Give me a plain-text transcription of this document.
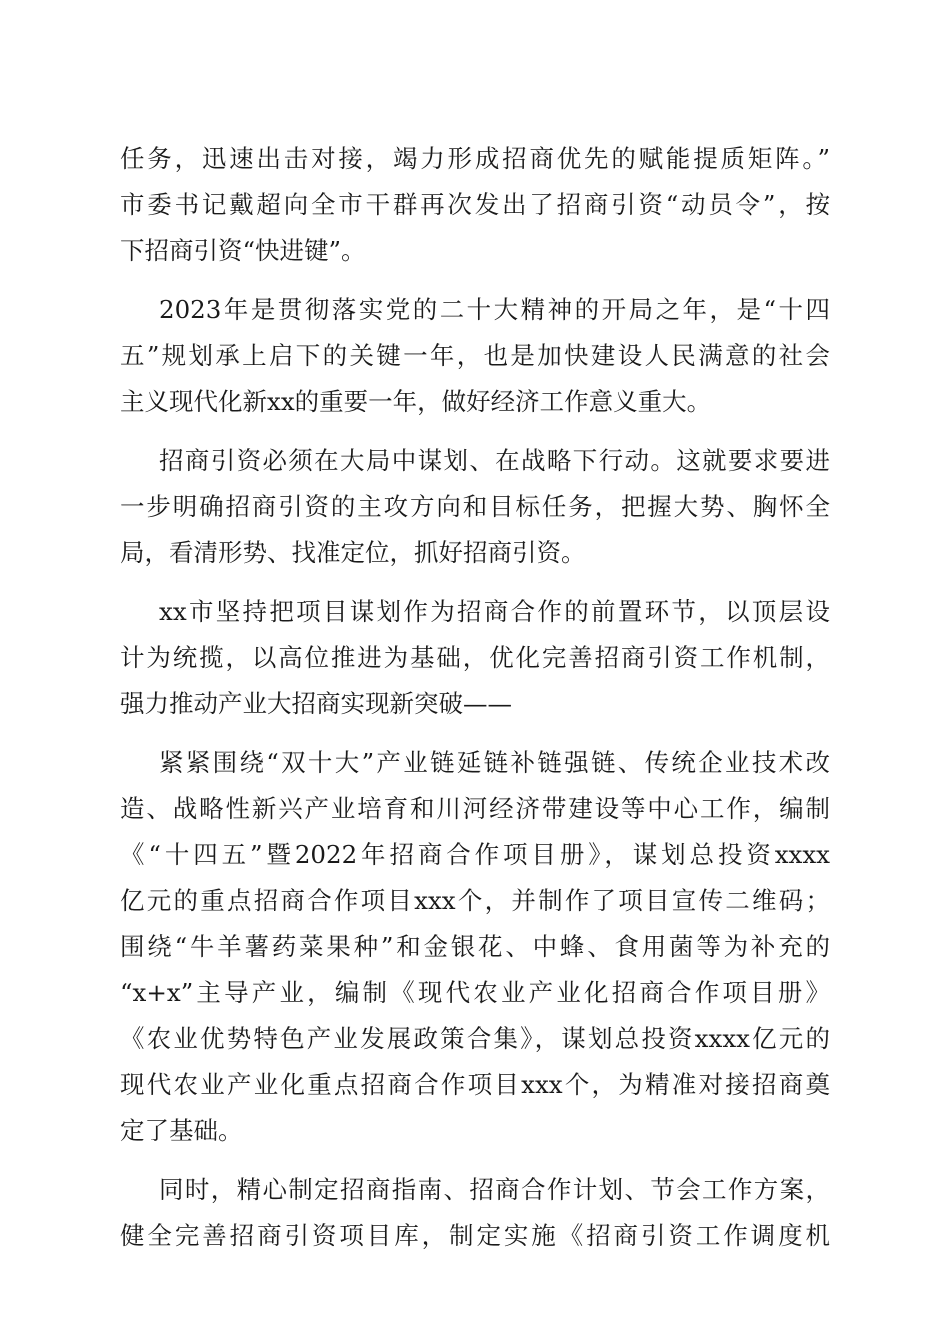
任务，迅速出击对接，竭力形成招商优先的赋能提质矩阵。”
市委书记戴超向全市干群再次发出了招商引资“动员令”，按
下招商引资“快进键”。
2023年是贯彻落实党的二十大精神的开局之年，是“十四
五”规划承上启下的关键一年，也是加快建设人民满意的社会
主义现代化新xx的重要一年，做好经济工作意义重大。
招商引资必须在大局中谋划、在战略下行动。这就要求要进
一步明确招商引资的主攻方向和目标任务，把握大势、胸怀全
局，看清形势、找准定位，抓好招商引资。
xx市坚持把项目谋划作为招商合作的前置环节，以顶层设
计为统揽，以高位推进为基础，优化完善招商引资工作机制，
强力推动产业大招商实现新突破——
紧紧围绕“双十大”产业链延链补链强链、传统企业技术改
造、战略性新兴产业培育和川河经济带建设等中心工作，编制
《“十四五”暨2022年招商合作项目册》，谋划总投资xxxx
亿元的重点招商合作项目xxx个，并制作了项目宣传二维码；
围绕“牛羊薯药菜果种”和金银花、中蜂、食用菌等为补充的
“x+x”主导产业，编制《现代农业产业化招商合作项目册》
《农业优势特色产业发展政策合集》，谋划总投资xxxx亿元的
现代农业产业化重点招商合作项目xxx个，为精准对接招商奠
定了基础。
同时，精心制定招商指南、招商合作计划、节会工作方案，
健全完善招商引资项目库，制定实施《招商引资工作调度机
